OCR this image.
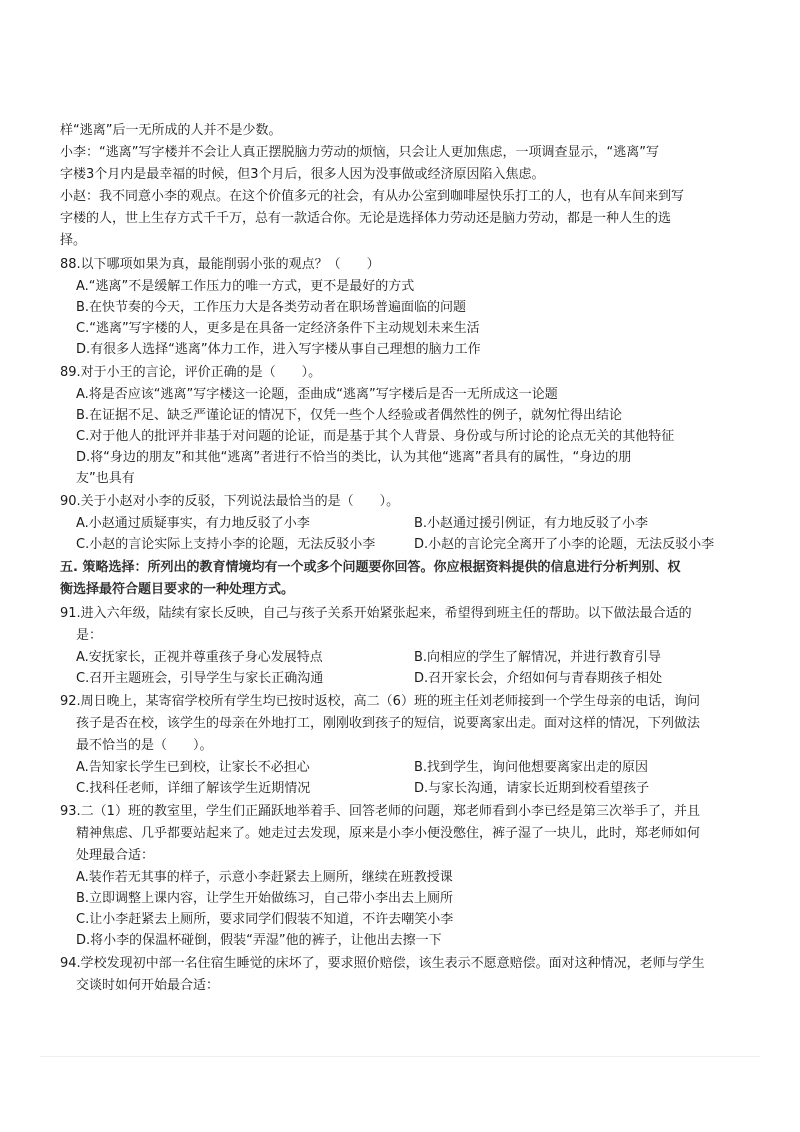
样“逃离”后一无所成的人并不是少数。

小李：“逃离”写字楼并不会让人真正摆脱脑力劳动的烦恼，只会让人更加焦虑，一项调查显示，“逃离”写

字楼3个月内是最幸福的时候，但3个月后，很多人因为没事做或经济原因陷入焦虑。

小赵：我不同意小李的观点。在这个价值多元的社会，有从办公室到咖啡屋快乐打工的人，也有从车间来到写

字楼的人，世上生存方式千千万，总有一款适合你。无论是选择体力劳动还是脑力劳动，都是一种人生的选

择。

88.以下哪项如果为真，最能削弱小张的观点？（　　）

A.“逃离”不是缓解工作压力的唯一方式，更不是最好的方式

B.在快节奏的今天，工作压力大是各类劳动者在职场普遍面临的问题

C.“逃离”写字楼的人，更多是在具备一定经济条件下主动规划未来生活

D.有很多人选择“逃离”体力工作，进入写字楼从事自己理想的脑力工作

89.对于小王的言论，评价正确的是（　　）。

A.将是否应该“逃离”写字楼这一论题，歪曲成“逃离”写字楼后是否一无所成这一论题

B.在证据不足、缺乏严谨论证的情况下，仅凭一些个人经验或者偶然性的例子，就匆忙得出结论

C.对于他人的批评并非基于对问题的论证，而是基于其个人背景、身份或与所讨论的论点无关的其他特征

D.将“身边的朋友”和其他“逃离”者进行不恰当的类比，认为其他“逃离”者具有的属性，“身边的朋

友”也具有

90.关于小赵对小李的反驳，下列说法最恰当的是（　　）。

A.小赵通过质疑事实，有力地反驳了小李	B.小赵通过援引例证，有力地反驳了小李
C.小赵的言论实际上支持小李的论题，无法反驳小李	D.小赵的言论完全离开了小李的论题，无法反驳小李

五. 策略选择：所列出的教育情境均有一个或多个问题要你回答。你应根据资料提供的信息进行分析判别、权

衡选择最符合题目要求的一种处理方式。

91.进入六年级，陆续有家长反映，自己与孩子关系开始紧张起来，希望得到班主任的帮助。以下做法最合适的

是：

A.安抚家长，正视并尊重孩子身心发展特点	B.向相应的学生了解情况，并进行教育引导
C.召开主题班会，引导学生与家长正确沟通	D.召开家长会，介绍如何与青春期孩子相处

92.周日晚上，某寄宿学校所有学生均已按时返校，高二（6）班的班主任刘老师接到一个学生母亲的电话，询问

孩子是否在校，该学生的母亲在外地打工，刚刚收到孩子的短信，说要离家出走。面对这样的情况，下列做法

最不恰当的是（　　）。

A.告知家长学生已到校，让家长不必担心	B.找到学生，询问他想要离家出走的原因
C.找科任老师，详细了解该学生近期情况	D.与家长沟通，请家长近期到校看望孩子

93.二（1）班的教室里，学生们正踊跃地举着手、回答老师的问题，郑老师看到小李已经是第三次举手了，并且

精神焦虑、几乎都要站起来了。她走过去发现，原来是小李小便没憋住，裤子湿了一块儿，此时，郑老师如何

处理最合适：

A.装作若无其事的样子，示意小李赶紧去上厕所，继续在班教授课

B.立即调整上课内容，让学生开始做练习，自己带小李出去上厕所

C.让小李赶紧去上厕所，要求同学们假装不知道，不许去嘲笑小李

D.将小李的保温杯碰倒，假装“弄湿”他的裤子，让他出去擦一下

94.学校发现初中部一名住宿生睡觉的床坏了，要求照价赔偿，该生表示不愿意赔偿。面对这种情况，老师与学生

交谈时如何开始最合适：
